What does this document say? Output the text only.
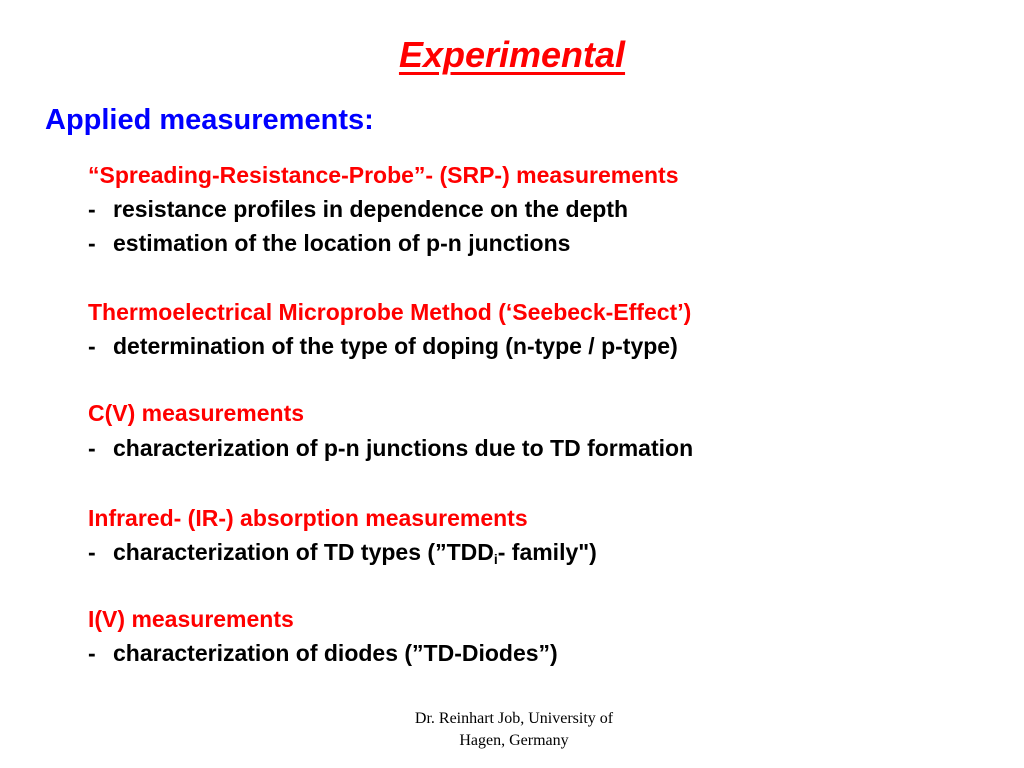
Experimental
Applied measurements:
“Spreading-Resistance-Probe”- (SRP-) measurements
- resistance profiles in dependence on the depth
- estimation of the location of p-n junctions
Thermoelectrical Microprobe Method (‘Seebeck-Effect’)
- determination of the type of doping (n-type / p-type)
C(V) measurements
- characterization of p-n junctions due to TD formation
Infrared- (IR-) absorption measurements
- characterization of TD types ($”TDD_i-$ family")
I(V) measurements
- characterization of diodes (”TD-Diodes”)
Dr. Reinhart Job, University of
Hagen, Germany
